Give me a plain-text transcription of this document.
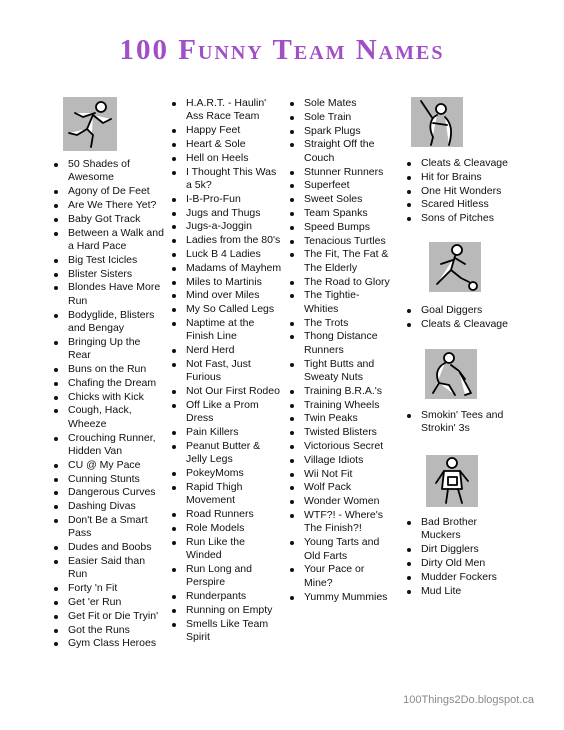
100 Funny Team Names
50 Shades of Awesome
Agony of De Feet
Are We There Yet?
Baby Got Track
Between a Walk and a Hard Pace
Big Test Icicles
Blister Sisters
Blondes Have More Run
Bodyglide, Blisters and Bengay
Bringing Up the Rear
Buns on the Run
Chafing the Dream
Chicks with Kick
Cough, Hack, Wheeze
Crouching Runner, Hidden Van
CU @ My Pace
Cunning Stunts
Dangerous Curves
Dashing Divas
Don't Be a Smart Pass
Dudes and Boobs
Easier Said than Run
Forty 'n Fit
Get 'er Run
Get Fit or Die Tryin'
Got the Runs
Gym Class Heroes
H.A.R.T. - Haulin' Ass Race Team
Happy Feet
Heart & Sole
Hell on Heels
I Thought This Was a 5k?
I-B-Pro-Fun
Jugs and Thugs
Jugs-a-Joggin
Ladies from the 80's
Luck B 4 Ladies
Madams of Mayhem
Miles to Martinis
Mind over Miles
My So Called Legs
Naptime at the Finish Line
Nerd Herd
Not Fast, Just Furious
Not Our First Rodeo
Off Like a Prom Dress
Pain Killers
Peanut Butter & Jelly Legs
PokeyMoms
Rapid Thigh Movement
Road Runners
Role Models
Run Like the Winded
Run Long and Perspire
Runderpants
Running on Empty
Smells Like Team Spirit
Sole Mates
Sole Train
Spark Plugs
Straight Off the Couch
Stunner Runners
Superfeet
Sweet Soles
Team Spanks
Speed Bumps
Tenacious Turtles
The Fit, The Fat & The Elderly
The Road to Glory
The Tightie-Whities
The Trots
Thong Distance Runners
Tight Butts and Sweaty Nuts
Training B.R.A.'s
Training Wheels
Twin Peaks
Twisted Blisters
Victorious Secret
Village Idiots
Wii Not Fit
Wolf Pack
Wonder Women
WTF?! - Where's The Finish?!
Young Tarts and Old Farts
Your Pace or Mine?
Yummy Mummies
Cleats & Cleavage
Hit for Brains
One Hit Wonders
Scared Hitless
Sons of Pitches
Goal Diggers
Cleats & Cleavage
Smokin' Tees and Strokin' 3s
Bad Brother Muckers
Dirt Digglers
Dirty Old Men
Mudder Fockers
Mud Lite
100Things2Do.blogspot.ca
